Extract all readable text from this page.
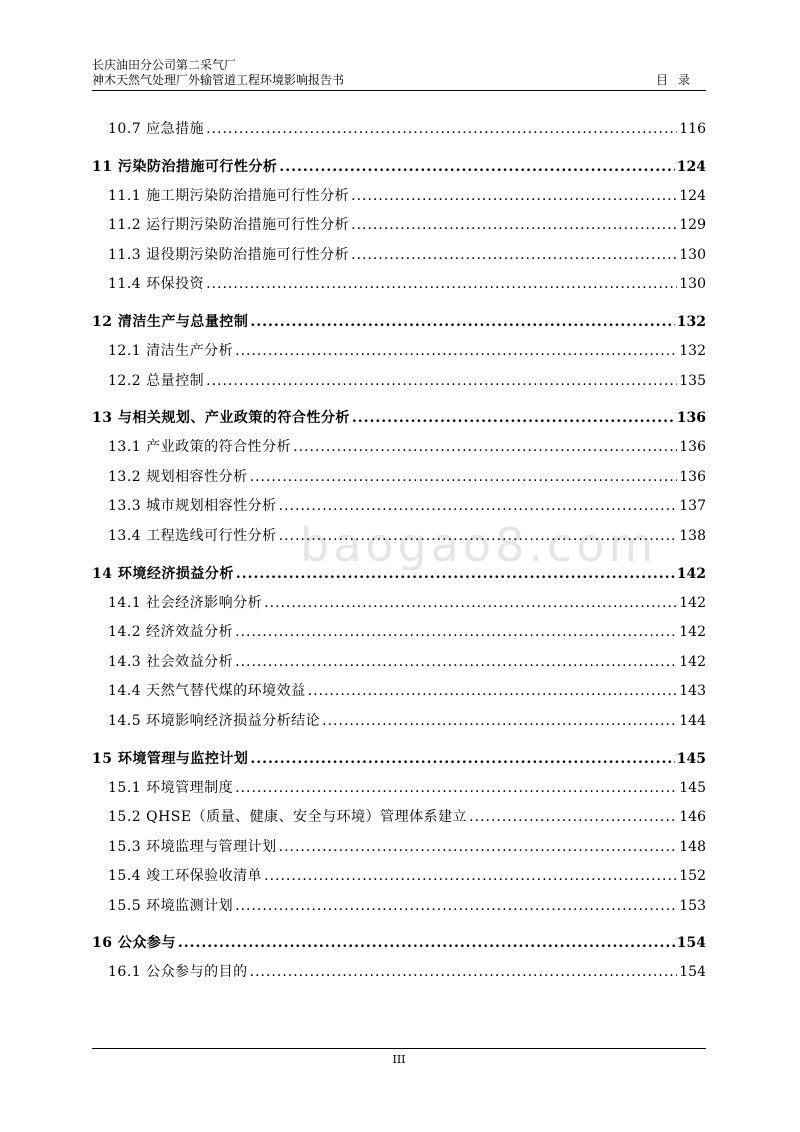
长庆油田分公司第二采气厂
神木天然气处理厂外输管道工程环境影响报告书	目录
baogao8.com
10.7 应急措施 .....	116
11 污染防治措施可行性分析 .....	124
11.1 施工期污染防治措施可行性分析 .....	124
11.2 运行期污染防治措施可行性分析 .....	129
11.3 退役期污染防治措施可行性分析 .....	130
11.4 环保投资 .....	130
12 清洁生产与总量控制 .....	132
12.1 清洁生产分析 .....	132
12.2 总量控制 .....	135
13 与相关规划、产业政策的符合性分析 .....	136
13.1 产业政策的符合性分析 .....	136
13.2 规划相容性分析 .....	136
13.3 城市规划相容性分析 .....	137
13.4 工程选线可行性分析 .....	138
14 环境经济损益分析 .....	142
14.1 社会经济影响分析 .....	142
14.2 经济效益分析 .....	142
14.3 社会效益分析 .....	142
14.4 天然气替代煤的环境效益 .....	143
14.5 环境影响经济损益分析结论 .....	144
15 环境管理与监控计划 .....	145
15.1 环境管理制度 .....	145
15.2 QHSE（质量、健康、安全与环境）管理体系建立 .....	146
15.3 环境监理与管理计划 .....	148
15.4 竣工环保验收清单 .....	152
15.5 环境监测计划 .....	153
16 公众参与 .....	154
16.1 公众参与的目的 .....	154
III
